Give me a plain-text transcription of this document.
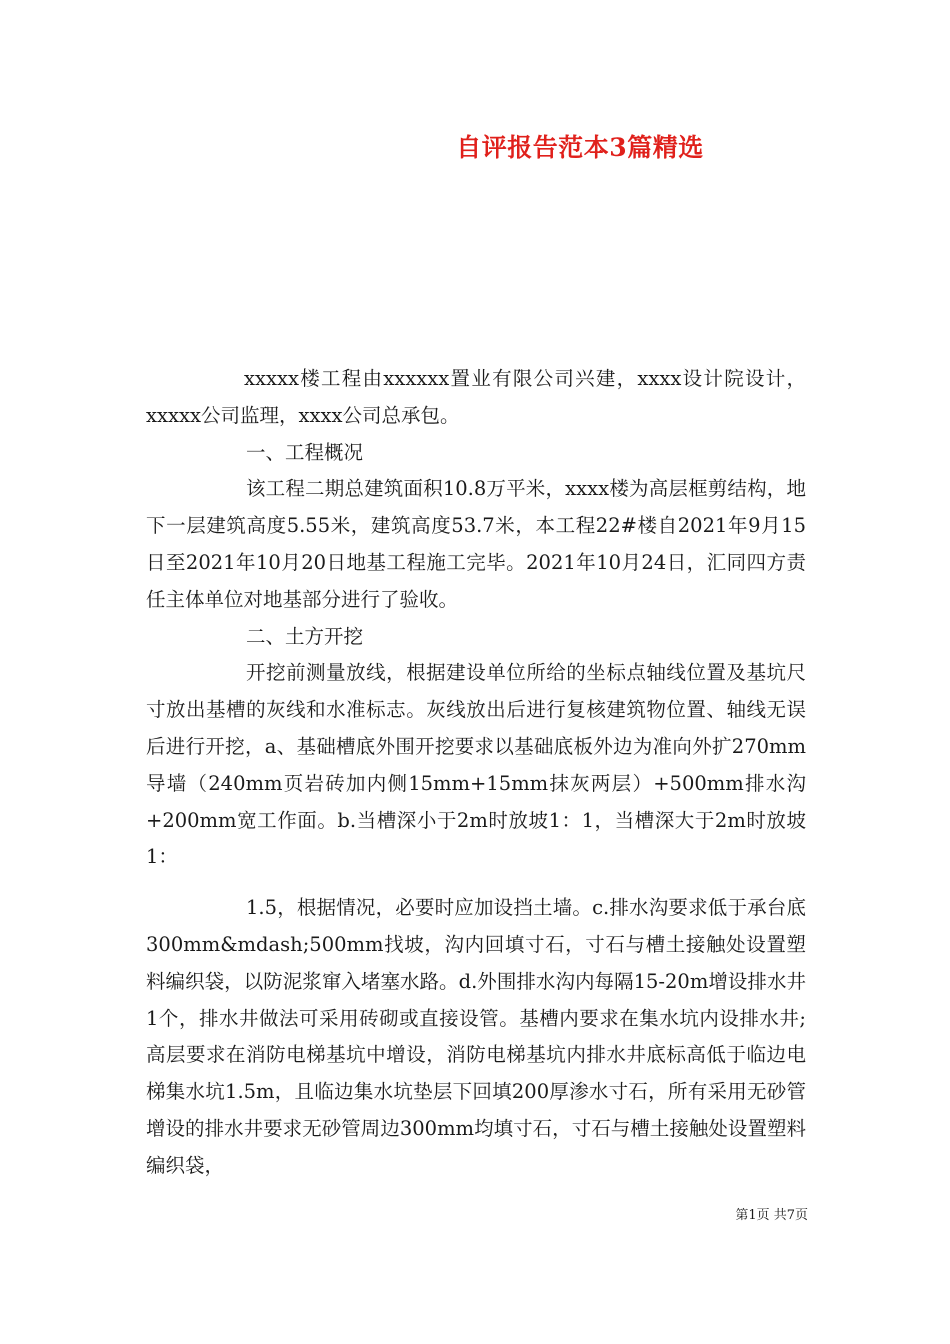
自评报告范本3篇精选

xxxxx楼工程由xxxxxx置业有限公司兴建，xxxx设计院设计，xxxxx公司监理，xxxx公司总承包。

一、工程概况

该工程二期总建筑面积10.8万平米，xxxx楼为高层框剪结构，地下一层建筑高度5.55米，建筑高度53.7米，本工程22#楼自2021年9月15日至2021年10月20日地基工程施工完毕。2021年10月24日，汇同四方责任主体单位对地基部分进行了验收。

二、土方开挖

开挖前测量放线，根据建设单位所给的坐标点轴线位置及基坑尺寸放出基槽的灰线和水准标志。灰线放出后进行复核建筑物位置、轴线无误后进行开挖，a、基础槽底外围开挖要求以基础底板外边为准向外扩270mm导墙（240mm页岩砖加内侧15mm+15mm抹灰两层）+500mm排水沟+200mm宽工作面。b.当槽深小于2m时放坡1：1，当槽深大于2m时放坡1：

1.5，根据情况，必要时应加设挡土墙。c.排水沟要求低于承台底300mm&mdash;500mm找坡，沟内回填寸石，寸石与槽土接触处设置塑料编织袋，以防泥浆窜入堵塞水路。d.外围排水沟内每隔15-20m增设排水井1个，排水井做法可采用砖砌或直接设管。基槽内要求在集水坑内设排水井;高层要求在消防电梯基坑中增设，消防电梯基坑内排水井底标高低于临边电梯集水坑1.5m，且临边集水坑垫层下回填200厚渗水寸石，所有采用无砂管增设的排水井要求无砂管周边300mm均填寸石，寸石与槽土接触处设置塑料编织袋，

第1页 共7页
